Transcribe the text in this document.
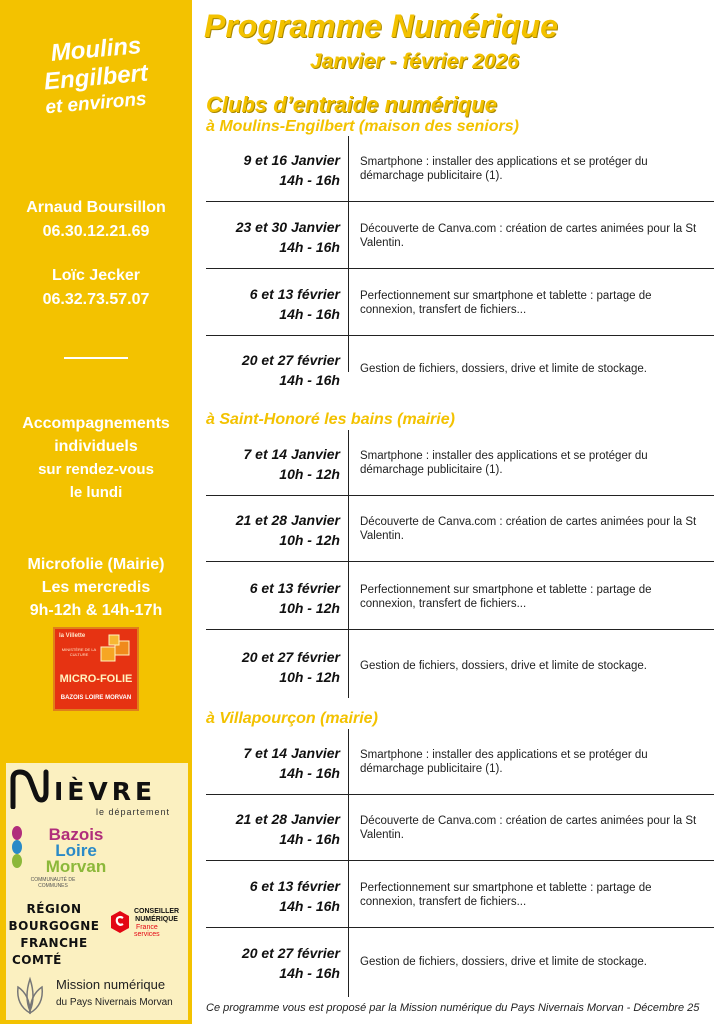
Moulins
Engilbert
et environs
Arnaud Boursillon
06.30.12.21.69
Loïc Jecker
06.32.73.57.07
Accompagnements
individuels
sur rendez-vous
le lundi
Microfolie (Mairie)
Les mercredis
9h-12h & 14h-17h
la Villette
MINISTÈRE DE LA CULTURE
MICRO-FOLIE
BAZOIS LOIRE MORVAN
IÈVRE
le département
Bazois
Loire
Morvan
COMMUNAUTÉ DE COMMUNES
RÉGION
BOURGOGNE
FRANCHE
COMTÉ
CONSEILLER
NUMÉRIQUE
France
services
Mission numérique
du Pays Nivernais Morvan
Programme Numérique
Janvier - février 2026
Clubs d’entraide numérique
à Moulins-Engilbert (maison des seniors)
9 et 16 Janvier
14h - 16h
Smartphone : installer des applications et se protéger du démarchage publicitaire (1).
23 et 30 Janvier
14h - 16h
Découverte de Canva.com : création de cartes animées pour la St Valentin.
6 et 13 février
14h - 16h
Perfectionnement sur smartphone et tablette : partage de connexion, transfert de fichiers...
20 et 27 février
14h - 16h
Gestion de fichiers, dossiers, drive et limite de stockage.
à Saint-Honoré les bains (mairie)
7 et 14 Janvier
10h - 12h
Smartphone : installer des applications et se protéger du démarchage publicitaire (1).
21 et 28 Janvier
10h - 12h
Découverte de Canva.com : création de cartes animées pour la St Valentin.
6 et 13 février
10h - 12h
Perfectionnement sur smartphone et tablette : partage de connexion, transfert de fichiers...
20 et 27 février
10h - 12h
Gestion de fichiers, dossiers, drive et limite de stockage.
à Villapourçon (mairie)
7 et 14 Janvier
14h - 16h
Smartphone : installer des applications et se protéger du démarchage publicitaire (1).
21 et 28 Janvier
14h - 16h
Découverte de Canva.com : création de cartes animées pour la St Valentin.
6 et 13 février
14h - 16h
Perfectionnement sur smartphone et tablette : partage de connexion, transfert de fichiers...
20 et 27 février
14h - 16h
Gestion de fichiers, dossiers, drive et limite de stockage.
Ce programme vous est proposé par la Mission numérique du Pays Nivernais Morvan - Décembre 25
